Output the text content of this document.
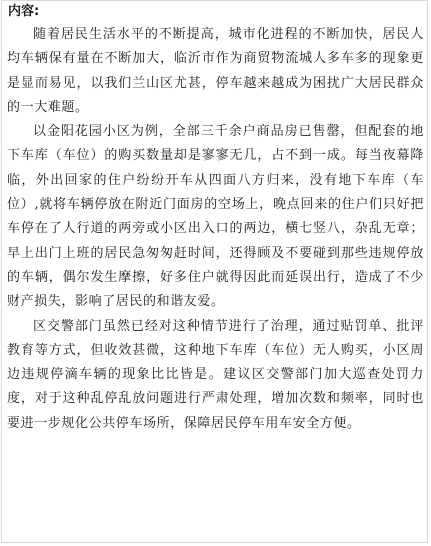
内容:

随着居民生活水平的不断提高，城市化进程的不断加快，居民人均车辆保有量在不断加大，临沂市作为商贸物流城人多车多的现象更是显而易见，以我们兰山区尤甚，停车越来越成为困扰广大居民群众的一大难题。

以金阳花园小区为例，全部三千余户商品房已售罄，但配套的地下车库（车位）的购买数量却是寥寥无几，占不到一成。每当夜幕降临，外出回家的住户纷纷开车从四面八方归来，没有地下车库（车位）,就将车辆停放在附近门面房的空场上，晚点回来的住户们只好把车停在了人行道的两旁或小区出入口的两边，横七竖八，杂乱无章；早上出门上班的居民急匆匆赶时间，还得顾及不要碰到那些违规停放的车辆，偶尔发生摩擦，好多住户就得因此而延误出行，造成了不少财产损失，影响了居民的和谐友爱。

区交警部门虽然已经对这种情节进行了治理，通过贴罚单、批评教育等方式，但收效甚微，这种地下车库（车位）无人购买，小区周边违规停滴车辆的现象比比皆是。建议区交警部门加大巡查处罚力度，对于这种乱停乱放问题进行严肃处理，增加次数和频率，同时也要进一步规化公共停车场所，保障居民停车用车安全方便。
